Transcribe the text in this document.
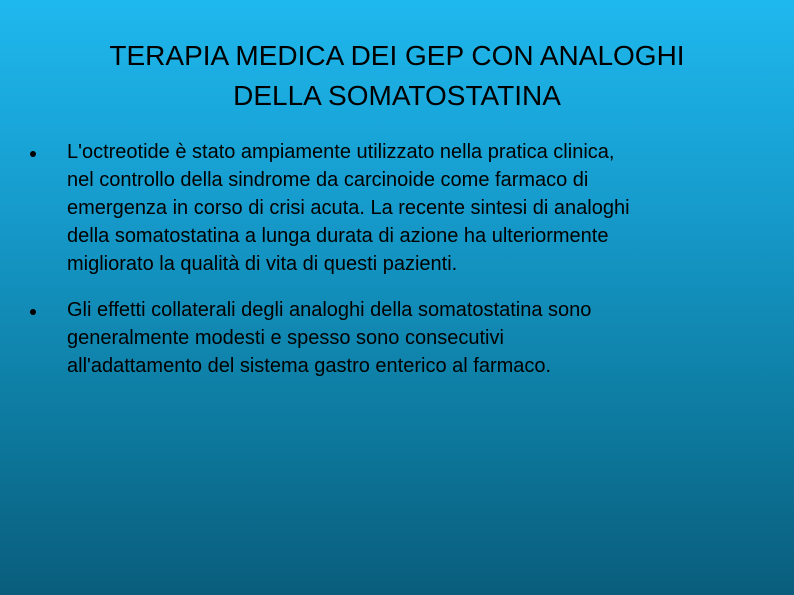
TERAPIA MEDICA DEI GEP CON ANALOGHI
DELLA SOMATOSTATINA
L'octreotide è stato ampiamente utilizzato nella pratica clinica,
nel controllo della sindrome da carcinoide come farmaco di
emergenza in corso di crisi acuta. La recente sintesi di analoghi
della somatostatina a lunga durata di azione ha ulteriormente
migliorato la qualità di vita di questi pazienti.
Gli effetti collaterali degli analoghi della somatostatina sono
generalmente modesti e spesso sono consecutivi
all'adattamento del sistema gastro enterico al farmaco.
